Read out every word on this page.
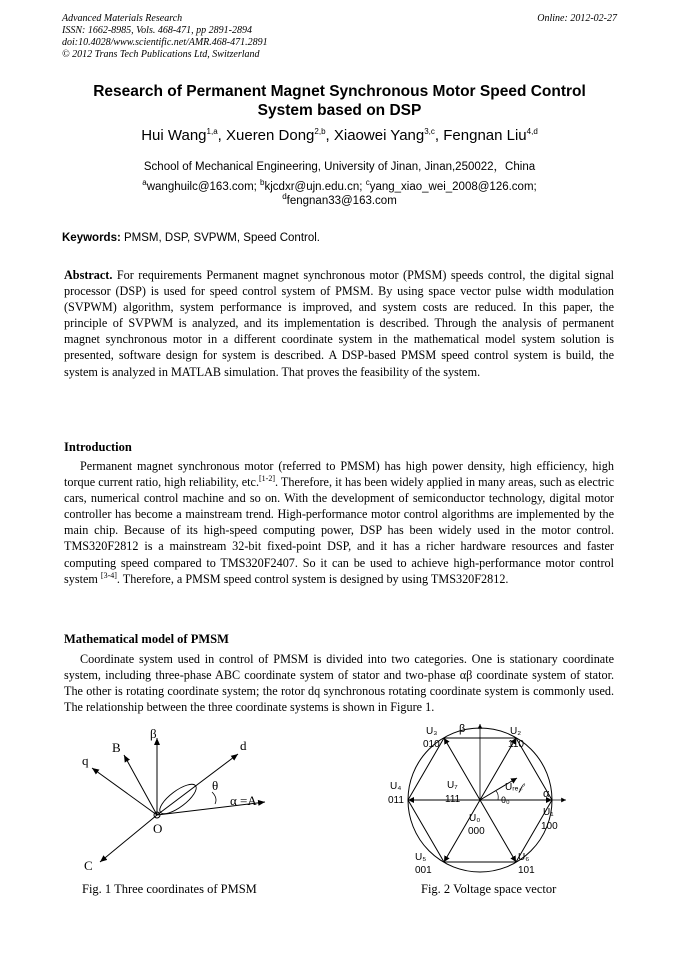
Advanced Materials Research
ISSN: 1662-8985, Vols. 468-471, pp 2891-2894
doi:10.4028/www.scientific.net/AMR.468-471.2891
© 2012 Trans Tech Publications Ltd, Switzerland
Online: 2012-02-27
Research of Permanent Magnet Synchronous Motor Speed Control
System based on DSP
Hui Wang$^{1,a}$, Xueren Dong$^{2,b}$, Xiaowei Yang$^{3,c}$, Fengnan Liu$^{4,d}$
School of Mechanical Engineering, University of Jinan, Jinan,250022，China
$^a$wanghuilc@163.com; $^b$kjcdxr@ujn.edu.cn; $^c$yang_xiao_wei_2008@126.com;
$^d$fengnan33@163.com
Keywords: PMSM, DSP, SVPWM, Speed Control.
Abstract. For requirements Permanent magnet synchronous motor (PMSM) speeds control, the digital signal processor (DSP) is used for speed control system of PMSM. By using space vector pulse width modulation (SVPWM) algorithm, system performance is improved, and system costs are reduced. In this paper, the principle of SVPWM is analyzed, and its implementation is described. Through the analysis of permanent magnet synchronous motor in a different coordinate system in the mathematical model system solution is presented, software design for system is described. A DSP-based PMSM speed control system is build, the system is analyzed in MATLAB simulation. That proves the feasibility of the system.
Introduction

Permanent magnet synchronous motor (referred to PMSM) has high power density, high efficiency, high torque current ratio, high reliability, etc.[1-2]. Therefore, it has been widely applied in many areas, such as electric cars, numerical control machine and so on. With the development of semiconductor technology, digital motor controller has become a mainstream trend. High-performance motor control algorithms are implemented by the main chip. Because of its high-speed computing power, DSP has been widely used in the motor control. TMS320F2812 is a mainstream 32-bit fixed-point DSP, and it has a richer hardware resources and faster computing speed compared to TMS320F2407. So it can be used to achieve high-performance motor control system [3-4]. Therefore, a PMSM speed control system is designed by using TMS320F2812.

Mathematical model of PMSM

Coordinate system used in control of PMSM is divided into two categories. One is stationary coordinate system, including three-phase ABC coordinate system of stator and two-phase αβ coordinate system of stator. The other is rotating coordinate system; the rotor dq synchronous rotating coordinate system is commonly used. The relationship between the three coordinate systems is shown in Figure 1.

β
B
q
d
θ
α =A
O
C
Fig. 1 Three coordinates of PMSM
U₃
010
β	U₂
110
U₄
011
U₇
111
Uᵣₑ𝒻
θ₀	α
U₁
100
U₀
000
U₅
001
U₆
101
Fig. 2 Voltage space vector
